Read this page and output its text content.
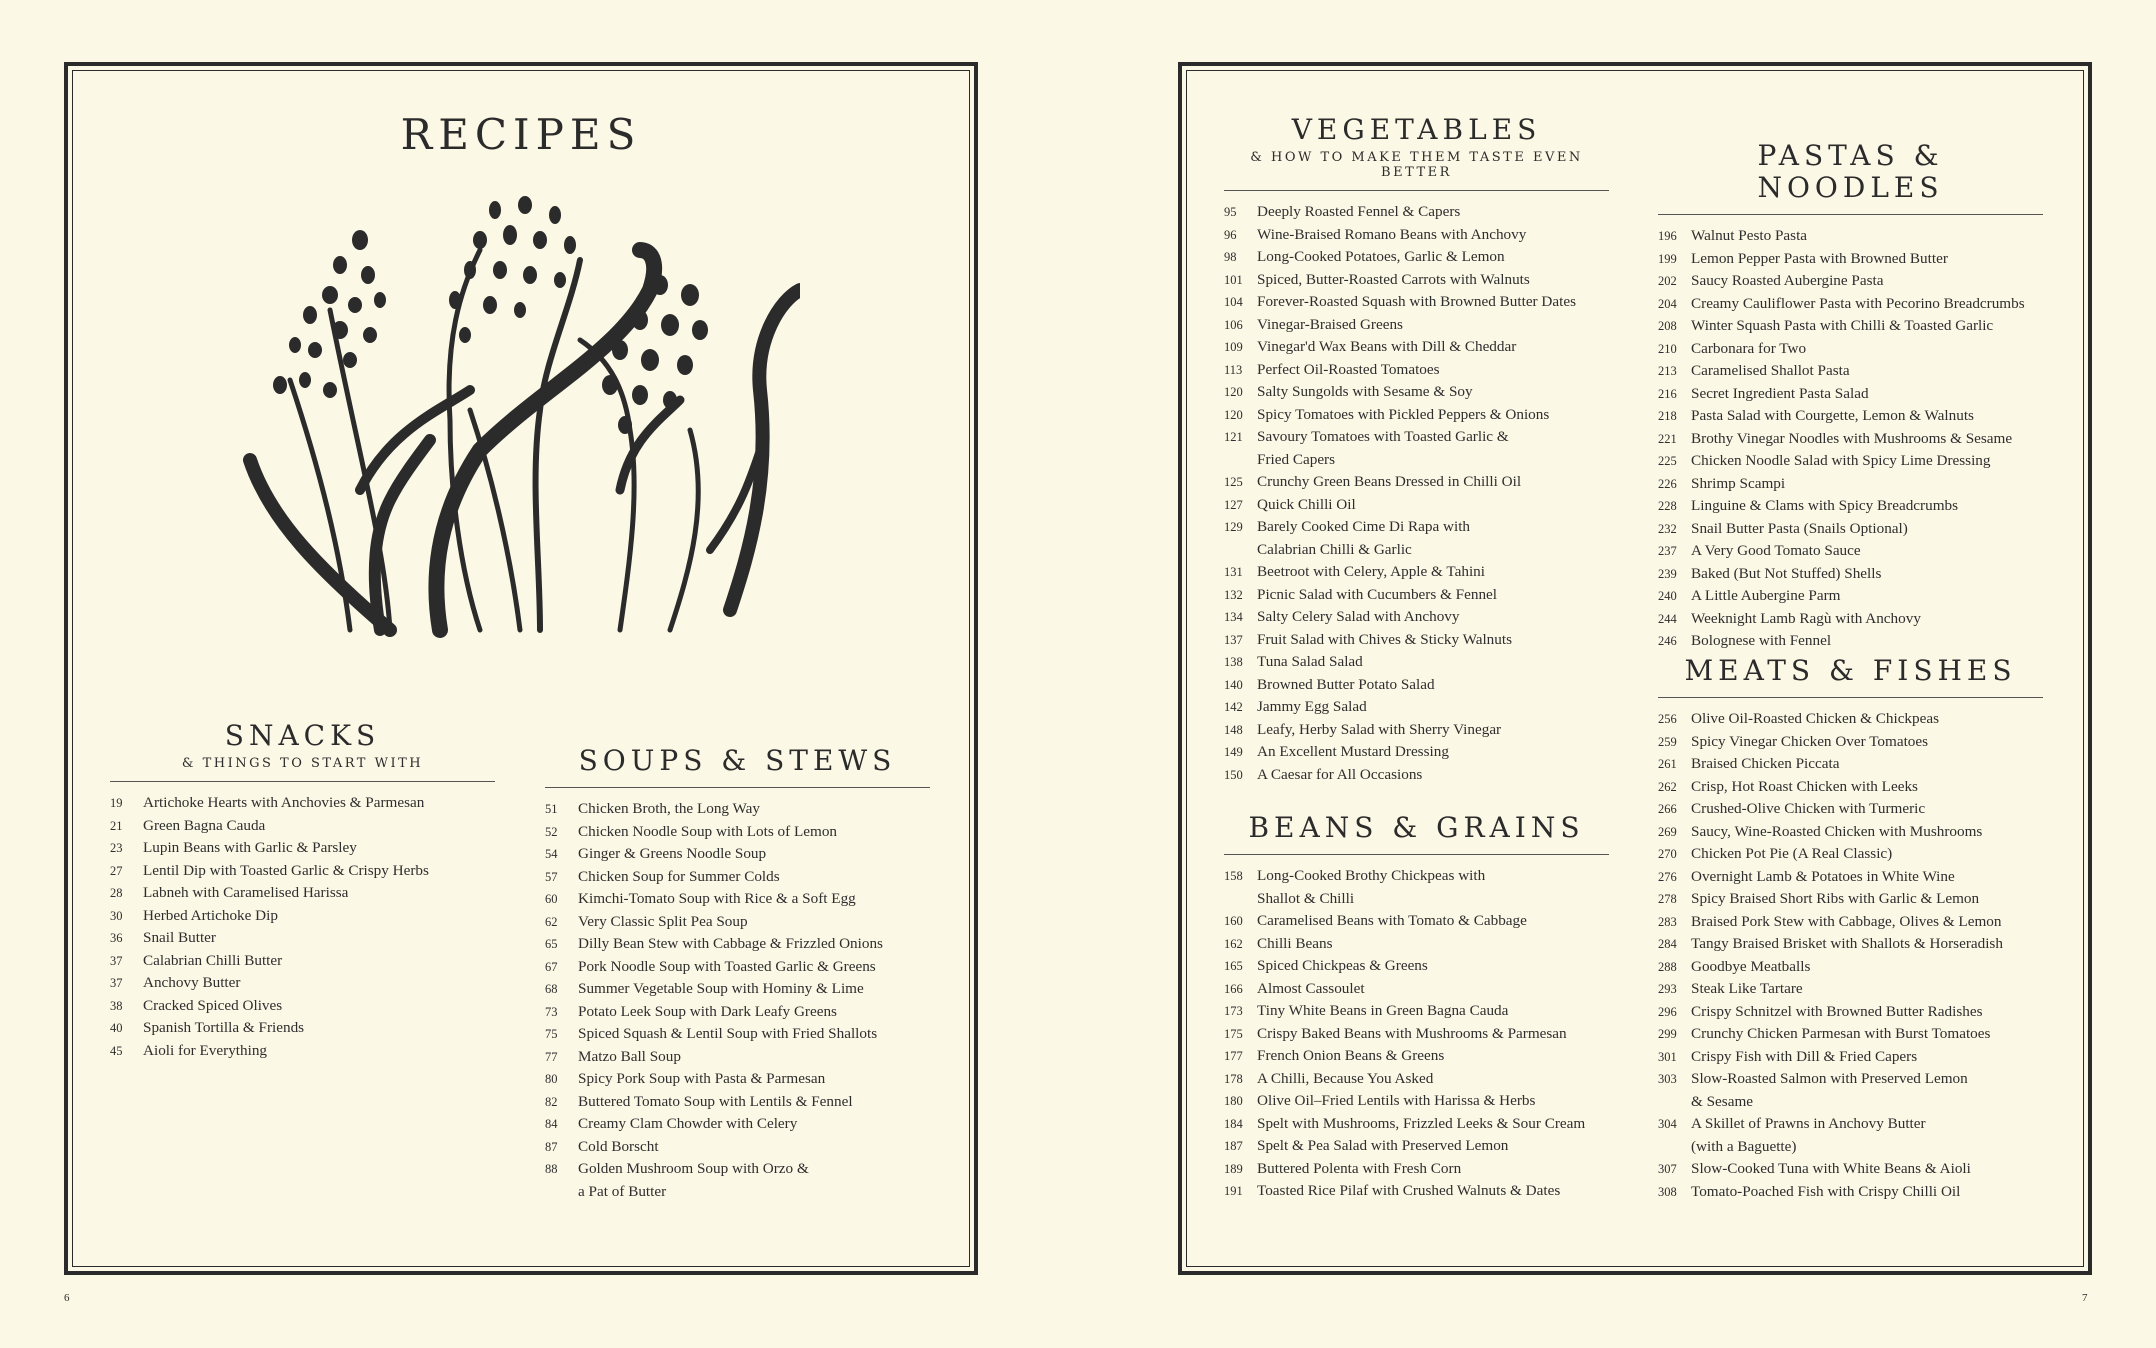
RECIPES
SNACKS
& THINGS TO START WITH
19	Artichoke Hearts with Anchovies & Parmesan
21	Green Bagna Cauda
23	Lupin Beans with Garlic & Parsley
27	Lentil Dip with Toasted Garlic & Crispy Herbs
28	Labneh with Caramelised Harissa
30	Herbed Artichoke Dip
36	Snail Butter
37	Calabrian Chilli Butter
37	Anchovy Butter
38	Cracked Spiced Olives
40	Spanish Tortilla & Friends
45	Aioli for Everything
SOUPS & STEWS
51	Chicken Broth, the Long Way
52	Chicken Noodle Soup with Lots of Lemon
54	Ginger & Greens Noodle Soup
57	Chicken Soup for Summer Colds
60	Kimchi-Tomato Soup with Rice & a Soft Egg
62	Very Classic Split Pea Soup
65	Dilly Bean Stew with Cabbage & Frizzled Onions
67	Pork Noodle Soup with Toasted Garlic & Greens
68	Summer Vegetable Soup with Hominy & Lime
73	Potato Leek Soup with Dark Leafy Greens
75	Spiced Squash & Lentil Soup with Fried Shallots
77	Matzo Ball Soup
80	Spicy Pork Soup with Pasta & Parmesan
82	Buttered Tomato Soup with Lentils & Fennel
84	Creamy Clam Chowder with Celery
87	Cold Borscht
88	Golden Mushroom Soup with Orzo &
a Pat of Butter
VEGETABLES
& HOW TO MAKE THEM TASTE EVEN BETTER
95	Deeply Roasted Fennel & Capers
96	Wine-Braised Romano Beans with Anchovy
98	Long-Cooked Potatoes, Garlic & Lemon
101 Spiced, Butter-Roasted Carrots with Walnuts
104 Forever-Roasted Squash with Browned Butter Dates
106 Vinegar-Braised Greens
109 Vinegar'd Wax Beans with Dill & Cheddar
113 Perfect Oil-Roasted Tomatoes
120 Salty Sungolds with Sesame & Soy
120 Spicy Tomatoes with Pickled Peppers & Onions
121 Savoury Tomatoes with Toasted Garlic &
Fried Capers
125 Crunchy Green Beans Dressed in Chilli Oil
127 Quick Chilli Oil
129 Barely Cooked Cime Di Rapa with
Calabrian Chilli & Garlic
131 Beetroot with Celery, Apple & Tahini
132 Picnic Salad with Cucumbers & Fennel
134 Salty Celery Salad with Anchovy
137 Fruit Salad with Chives & Sticky Walnuts
138 Tuna Salad Salad
140 Browned Butter Potato Salad
142 Jammy Egg Salad
148 Leafy, Herby Salad with Sherry Vinegar
149 An Excellent Mustard Dressing
150 A Caesar for All Occasions
BEANS & GRAINS
158 Long-Cooked Brothy Chickpeas with
Shallot & Chilli
160 Caramelised Beans with Tomato & Cabbage
162 Chilli Beans
165 Spiced Chickpeas & Greens
166 Almost Cassoulet
173 Tiny White Beans in Green Bagna Cauda
175 Crispy Baked Beans with Mushrooms & Parmesan
177 French Onion Beans & Greens
178 A Chilli, Because You Asked
180 Olive Oil–Fried Lentils with Harissa & Herbs
184 Spelt with Mushrooms, Frizzled Leeks & Sour Cream
187 Spelt & Pea Salad with Preserved Lemon
189 Buttered Polenta with Fresh Corn
191 Toasted Rice Pilaf with Crushed Walnuts & Dates
PASTAS & NOODLES
196 Walnut Pesto Pasta
199 Lemon Pepper Pasta with Browned Butter
202 Saucy Roasted Aubergine Pasta
204 Creamy Cauliflower Pasta with Pecorino Breadcrumbs
208 Winter Squash Pasta with Chilli & Toasted Garlic
210 Carbonara for Two
213 Caramelised Shallot Pasta
216 Secret Ingredient Pasta Salad
218 Pasta Salad with Courgette, Lemon & Walnuts
221 Brothy Vinegar Noodles with Mushrooms & Sesame
225 Chicken Noodle Salad with Spicy Lime Dressing
226 Shrimp Scampi
228 Linguine & Clams with Spicy Breadcrumbs
232 Snail Butter Pasta (Snails Optional)
237 A Very Good Tomato Sauce
239 Baked (But Not Stuffed) Shells
240 A Little Aubergine Parm
244 Weeknight Lamb Ragù with Anchovy
246 Bolognese with Fennel
MEATS & FISHES
256 Olive Oil-Roasted Chicken & Chickpeas
259 Spicy Vinegar Chicken Over Tomatoes
261 Braised Chicken Piccata
262 Crisp, Hot Roast Chicken with Leeks
266 Crushed-Olive Chicken with Turmeric
269 Saucy, Wine-Roasted Chicken with Mushrooms
270 Chicken Pot Pie (A Real Classic)
276 Overnight Lamb & Potatoes in White Wine
278 Spicy Braised Short Ribs with Garlic & Lemon
283 Braised Pork Stew with Cabbage, Olives & Lemon
284 Tangy Braised Brisket with Shallots & Horseradish
288 Goodbye Meatballs
293 Steak Like Tartare
296 Crispy Schnitzel with Browned Butter Radishes
299 Crunchy Chicken Parmesan with Burst Tomatoes
301 Crispy Fish with Dill & Fried Capers
303 Slow-Roasted Salmon with Preserved Lemon
& Sesame
304 A Skillet of Prawns in Anchovy Butter
(with a Baguette)
307 Slow-Cooked Tuna with White Beans & Aioli
308 Tomato-Poached Fish with Crispy Chilli Oil
6	7
